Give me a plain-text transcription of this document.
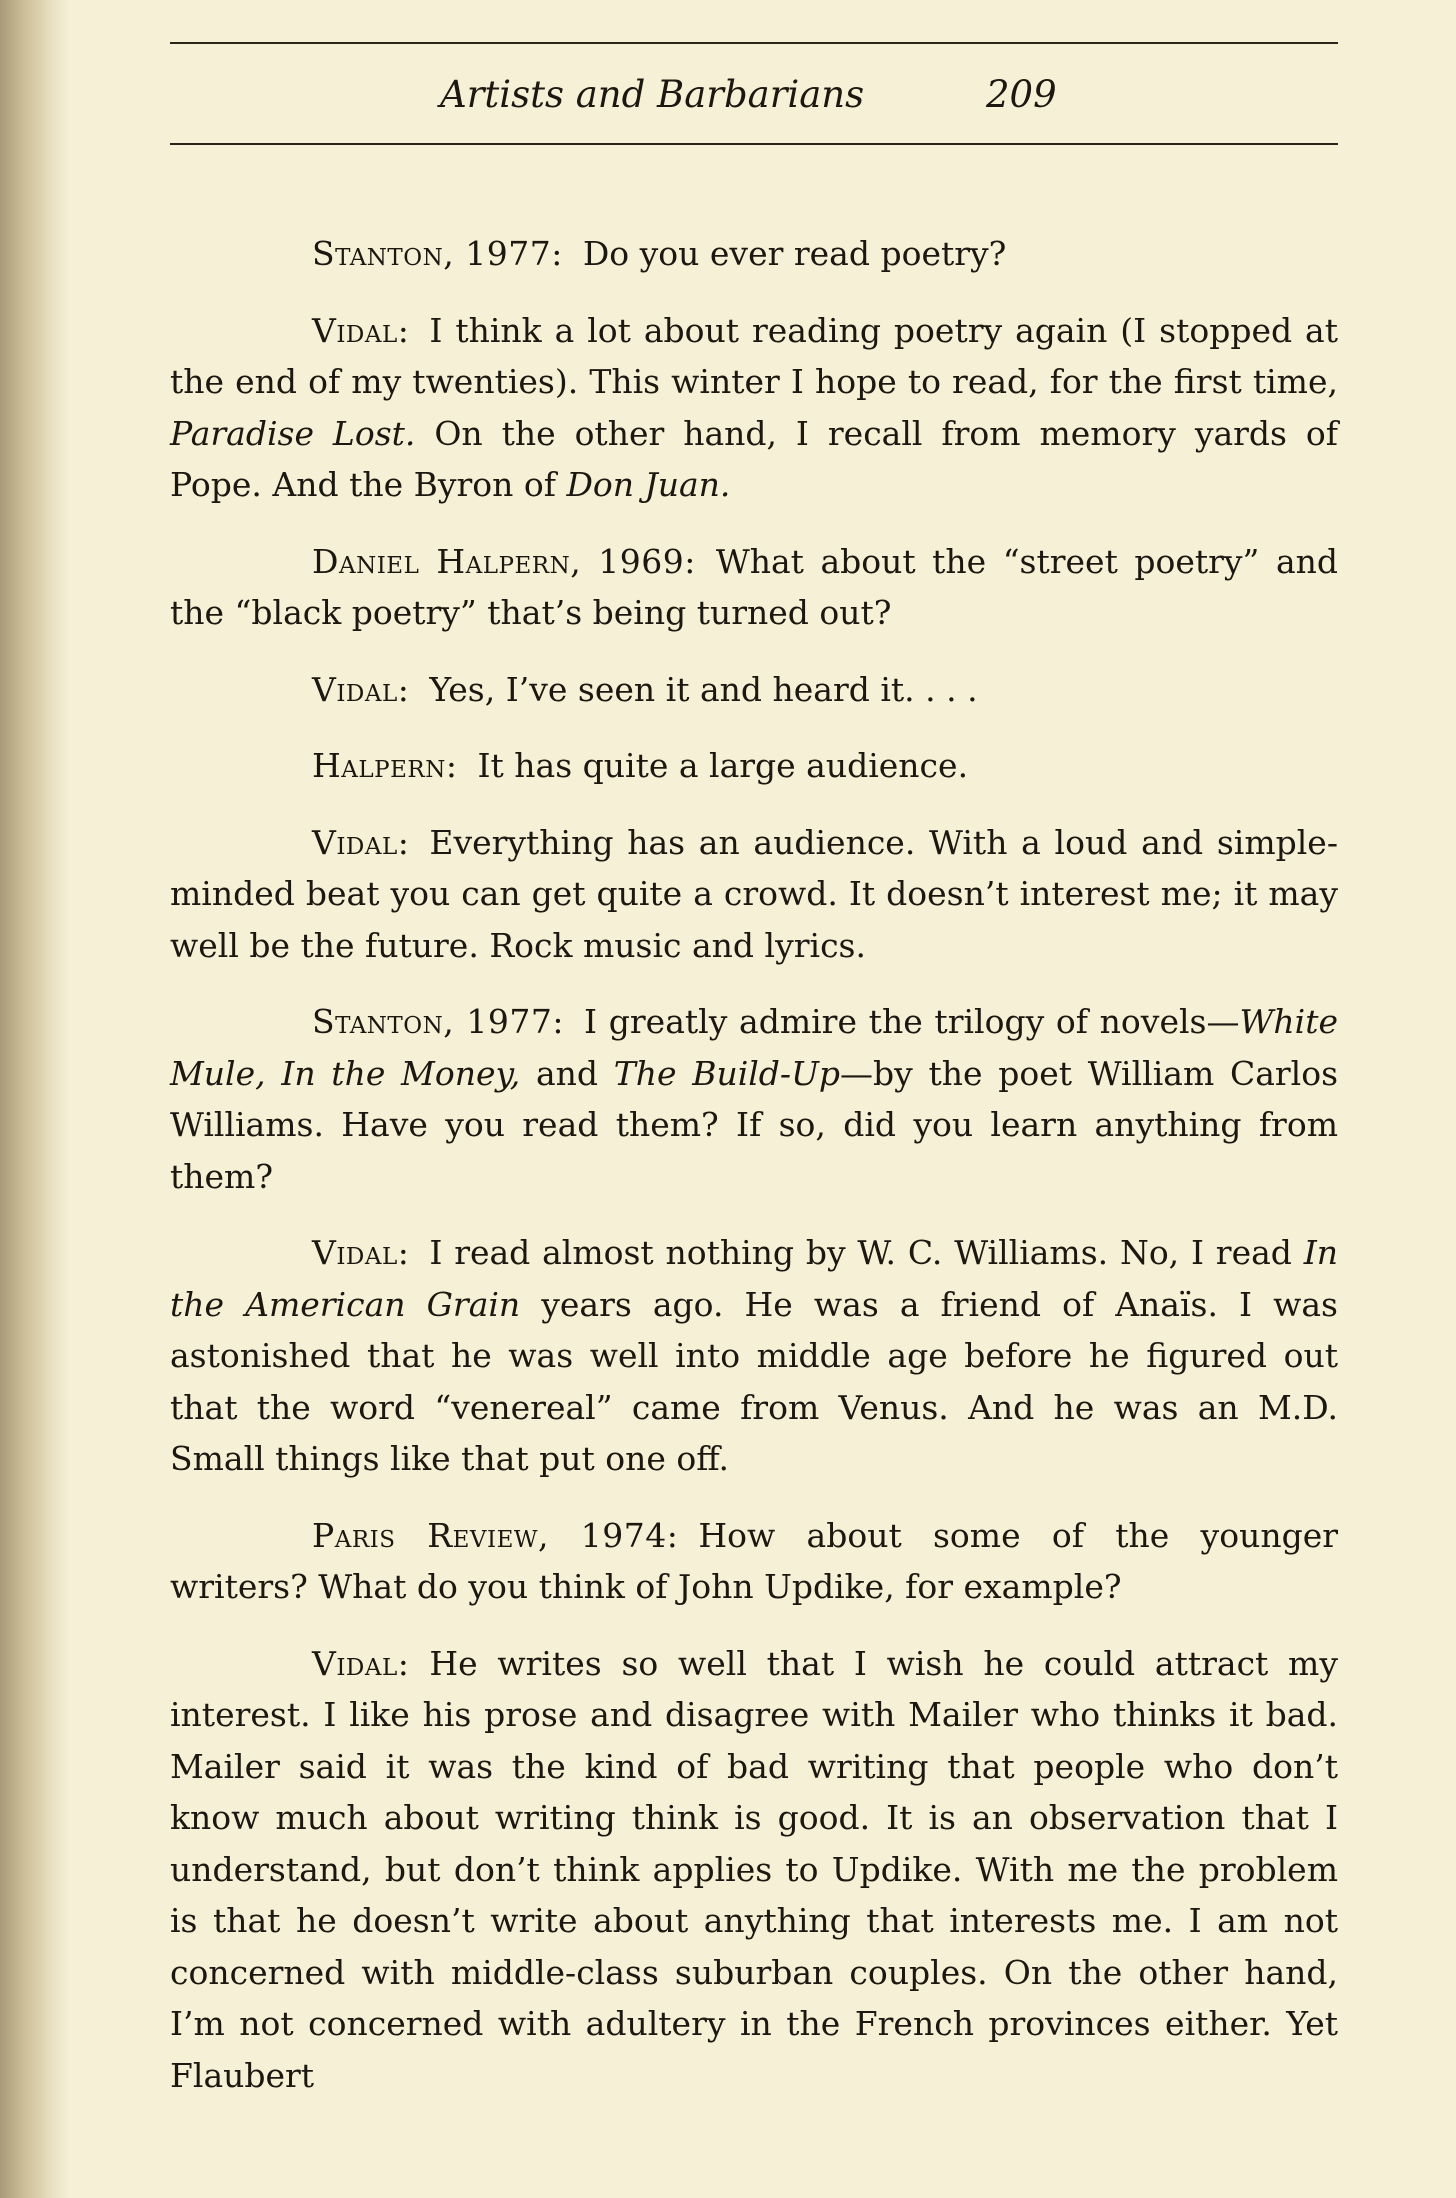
Artists and Barbarians	209

Stanton, 1977: Do you ever read poetry?

Vidal: I think a lot about reading poetry again (I stopped at the end of my twenties). This winter I hope to read, for the first time, Paradise Lost. On the other hand, I recall from memory yards of Pope. And the Byron of Don Juan.

Daniel Halpern, 1969: What about the “street poetry” and the “black poetry” that’s being turned out?

Vidal: Yes, I’ve seen it and heard it. . . .

Halpern: It has quite a large audience.

Vidal: Everything has an audience. With a loud and simple-minded beat you can get quite a crowd. It doesn’t interest me; it may well be the future. Rock music and lyrics.

Stanton, 1977: I greatly admire the trilogy of novels—White Mule, In the Money, and The Build-Up—by the poet William Carlos Williams. Have you read them? If so, did you learn anything from them?

Vidal: I read almost nothing by W. C. Williams. No, I read In the American Grain years ago. He was a friend of Anaïs. I was astonished that he was well into middle age before he figured out that the word “venereal” came from Venus. And he was an M.D. Small things like that put one off.

Paris Review, 1974: How about some of the younger writers? What do you think of John Updike, for example?

Vidal: He writes so well that I wish he could attract my interest. I like his prose and disagree with Mailer who thinks it bad. Mailer said it was the kind of bad writing that people who don’t know much about writing think is good. It is an observation that I understand, but don’t think applies to Updike. With me the problem is that he doesn’t write about anything that interests me. I am not concerned with middle-class suburban couples. On the other hand, I’m not concerned with adultery in the French provinces either. Yet Flaubert
